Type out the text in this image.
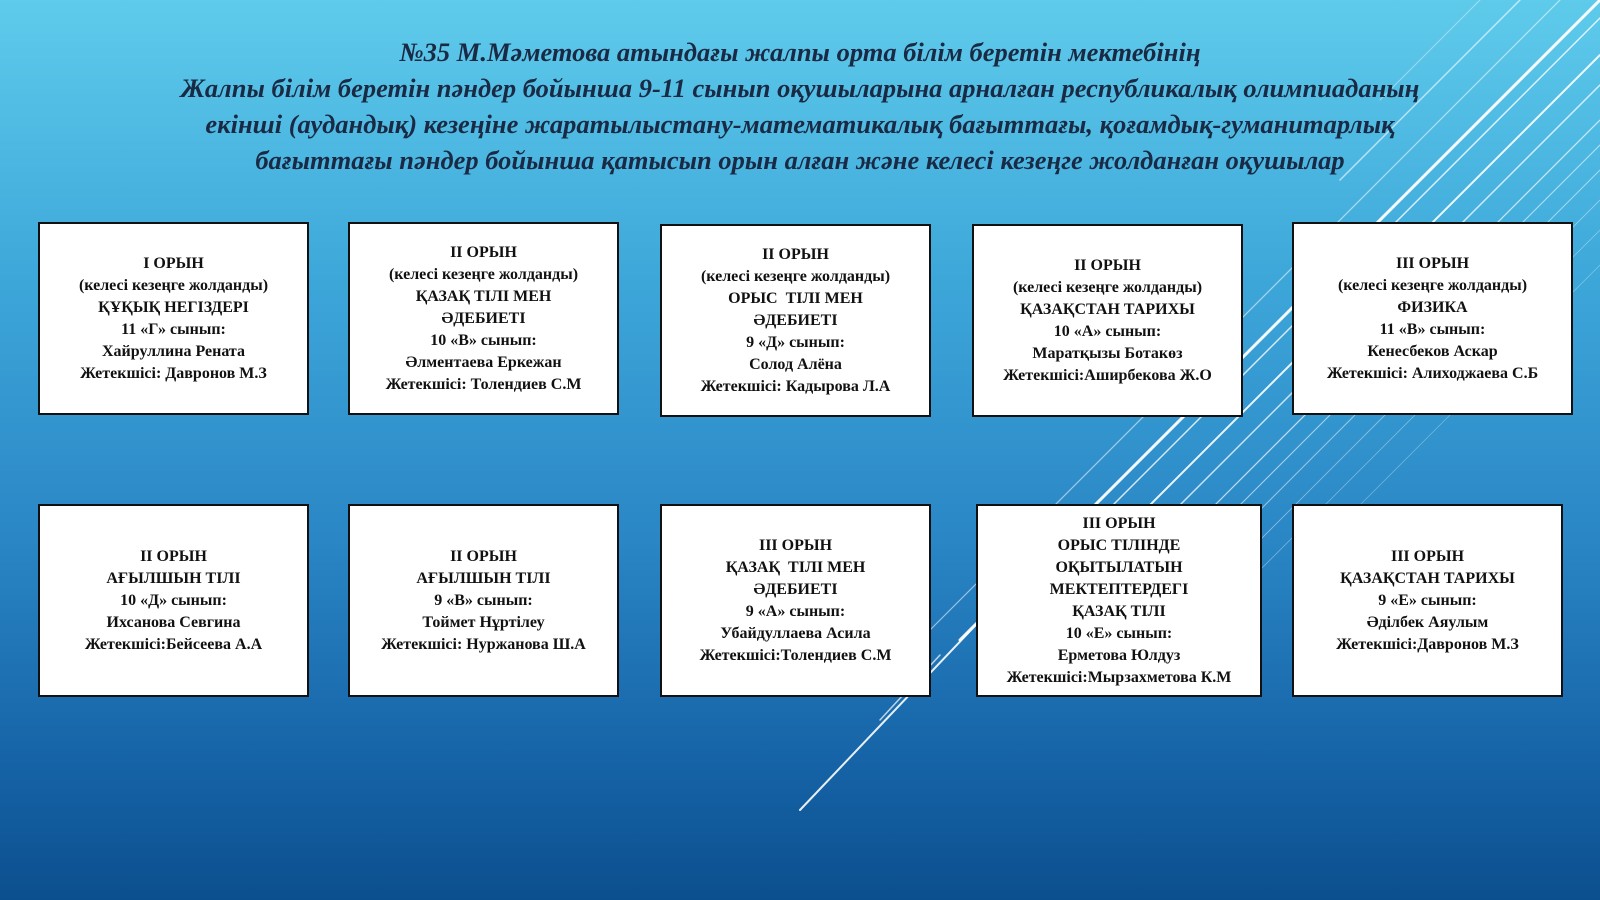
№35 М.Мәметова атындағы жалпы орта білім беретін мектебінің
Жалпы білім беретін пәндер бойынша 9-11 сынып оқушыларына арналған республикалық олимпиаданың
екінші (аудандық) кезеңіне жаратылыстану-математикалық бағыттағы, қоғамдық-гуманитарлық
бағыттағы пәндер бойынша қатысып орын алған және келесі кезеңге жолданған оқушылар
I ОРЫН
(келесі кезеңге жолданды)
ҚҰҚЫҚ НЕГІЗДЕРІ
11 «Г» сынып:
Хайруллина Рената
Жетекшісі: Давронов М.З
II ОРЫН
(келесі кезеңге жолданды)
ҚАЗАҚ ТІЛІ МЕН
ӘДЕБИЕТІ
10 «В» сынып:
Әлментаева Еркежан
Жетекшісі: Толендиев С.М
II ОРЫН
(келесі кезеңге жолданды)
ОРЫС  ТІЛІ МЕН
ӘДЕБИЕТІ
9 «Д» сынып:
Солод Алёна
Жетекшісі: Кадырова Л.А
II ОРЫН
(келесі кезеңге жолданды)
ҚАЗАҚСТАН ТАРИХЫ
10 «А» сынып:
Маратқызы Ботакөз
Жетекшісі:Аширбекова Ж.О
III ОРЫН
(келесі кезеңге жолданды)
ФИЗИКА
11 «В» сынып:
Кенесбеков Аскар
Жетекшісі: Алиходжаева С.Б
II ОРЫН
АҒЫЛШЫН ТІЛІ
10 «Д» сынып:
Ихсанова Севгина
Жетекшісі:Бейсеева А.А
II ОРЫН
АҒЫЛШЫН ТІЛІ
9 «В» сынып:
Тоймет Нұртілеу
Жетекшісі: Нуржанова Ш.А
III ОРЫН
ҚАЗАҚ  ТІЛІ МЕН
ӘДЕБИЕТІ
9 «А» сынып:
Убайдуллаева Асила
Жетекшісі:Толендиев С.М
III ОРЫН
ОРЫС ТІЛІНДЕ
ОҚЫТЫЛАТЫН
МЕКТЕПТЕРДЕГІ
ҚАЗАҚ ТІЛІ
10 «Е» сынып:
Ерметова Юлдуз
Жетекшісі:Мырзахметова К.М
III ОРЫН
ҚАЗАҚСТАН ТАРИХЫ
9 «Е» сынып:
Әділбек Аяулым
Жетекшісі:Давронов М.З
